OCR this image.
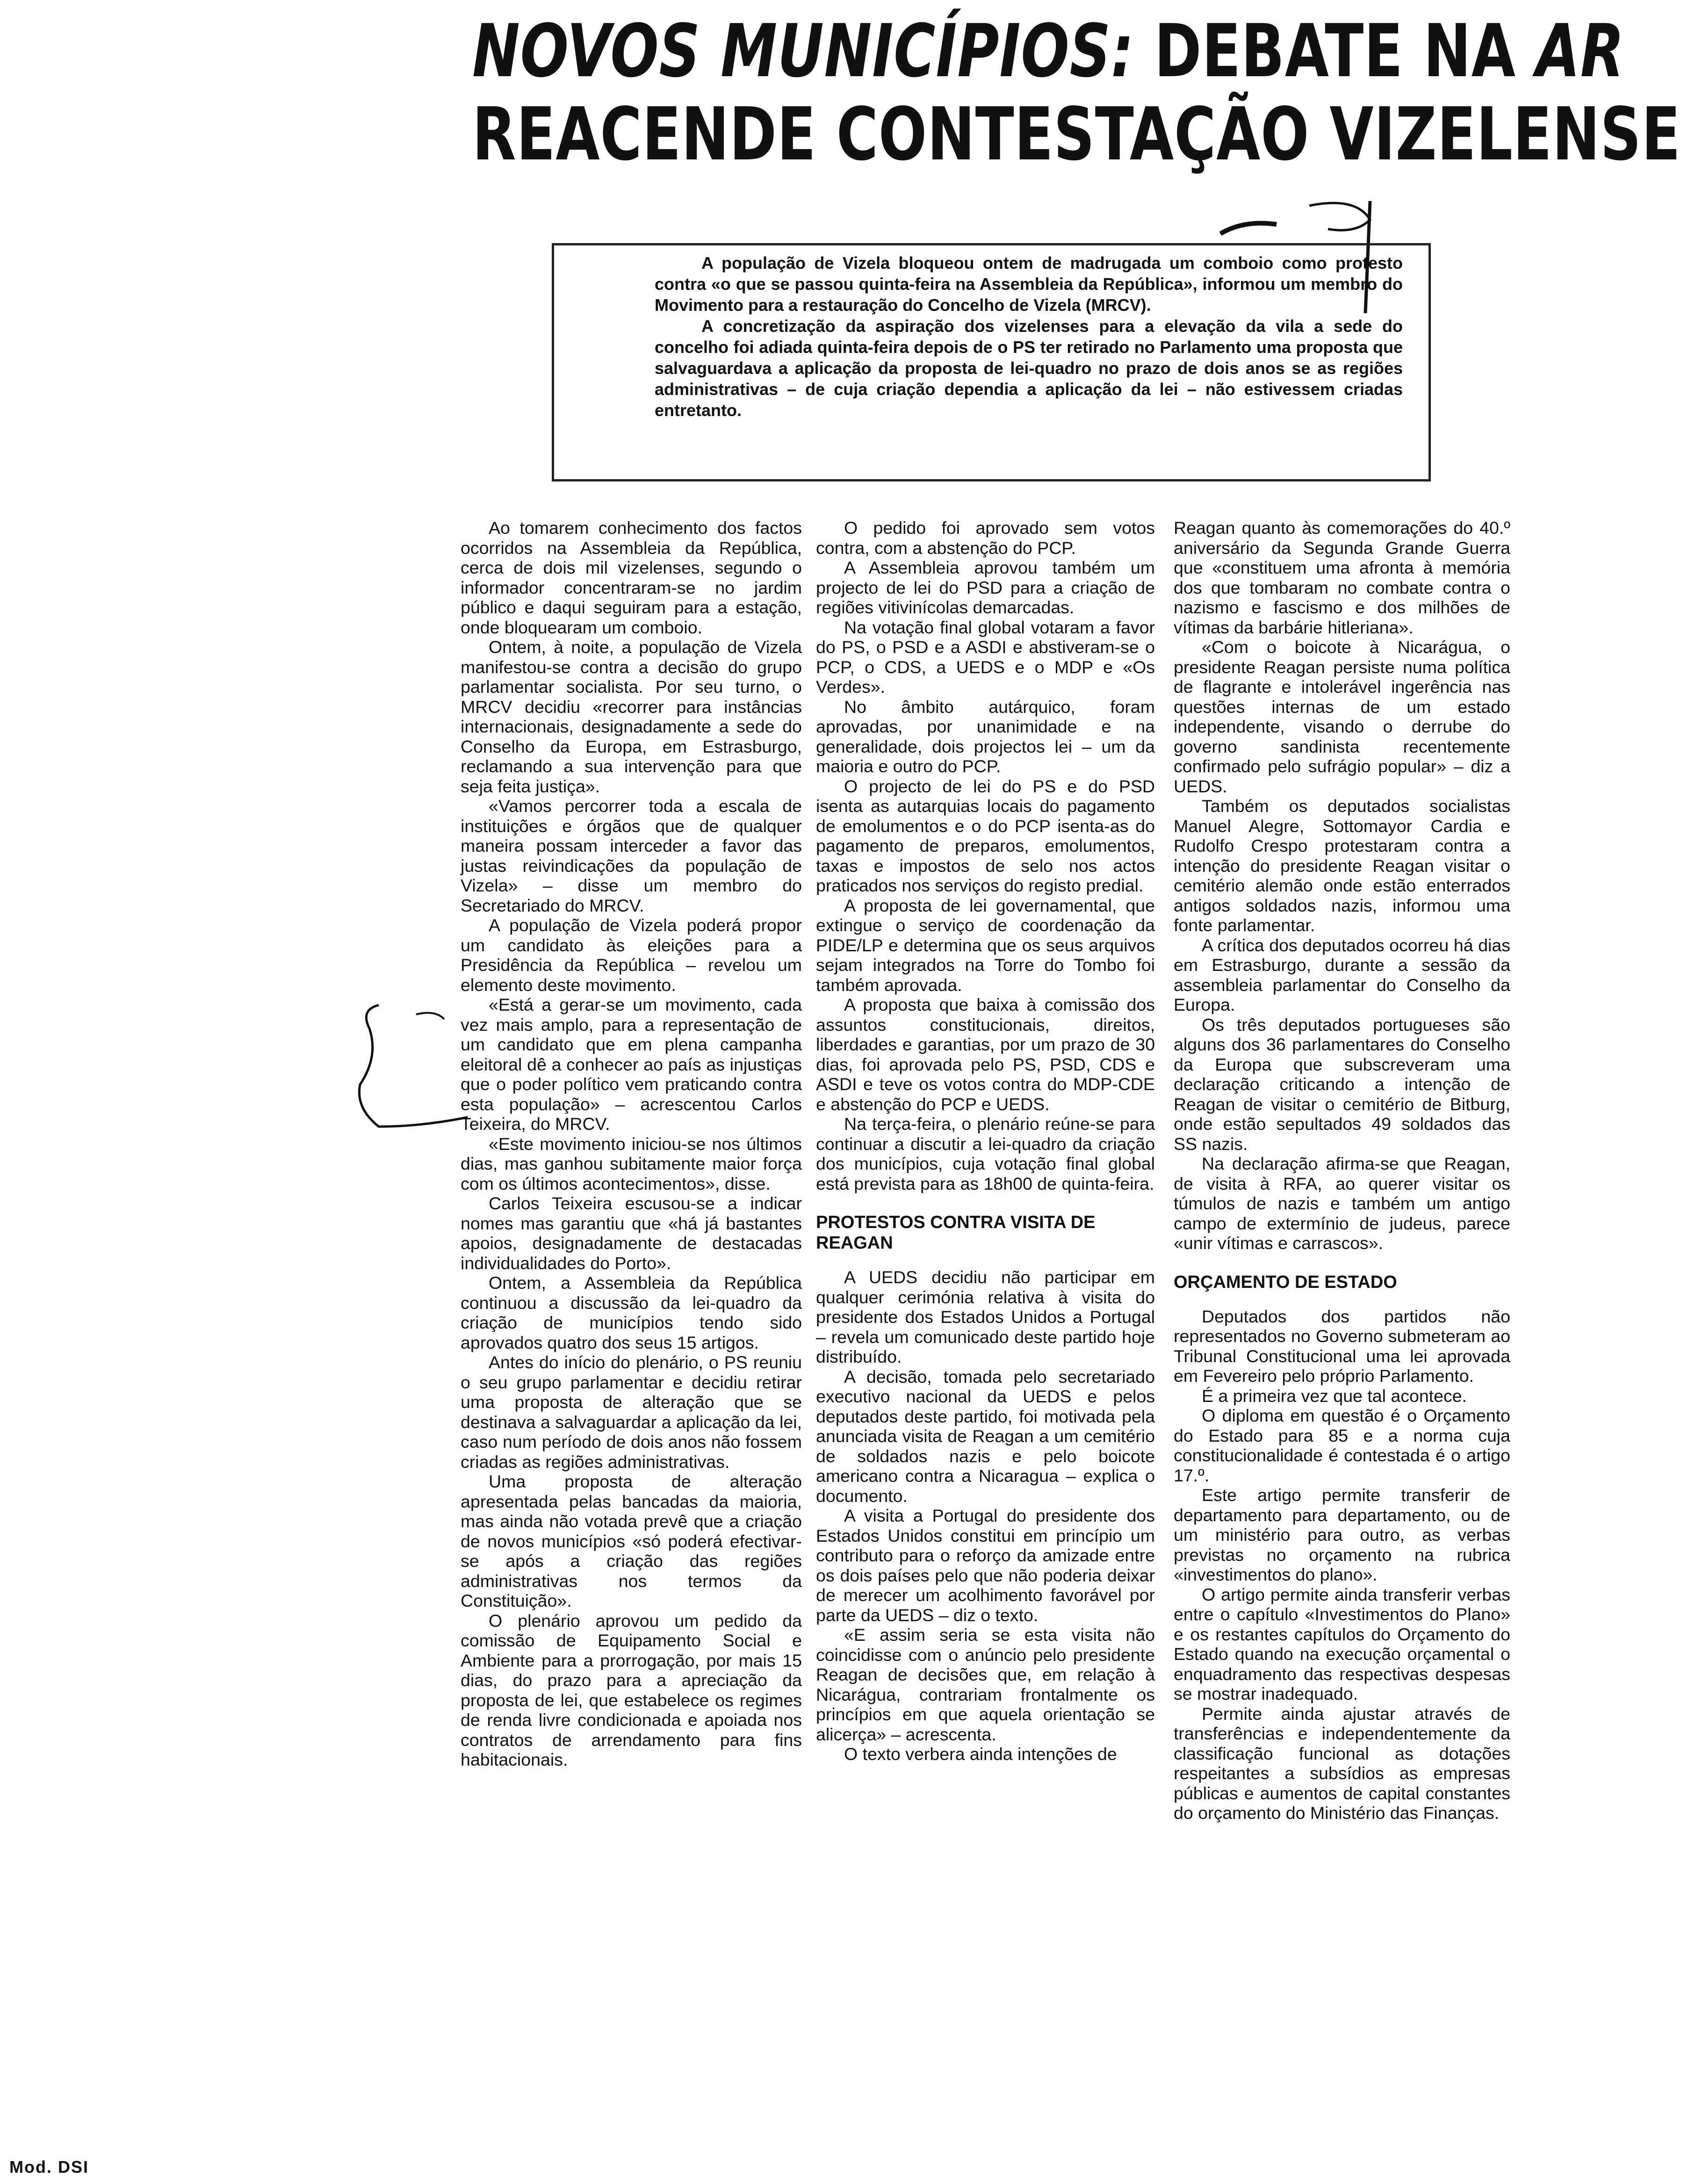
NOVOS MUNICÍPIOS: DEBATE NA AR
REACENDE CONTESTAÇÃO VIZELENSE

A população de Vizela bloqueou ontem de madrugada um comboio como protesto contra «o que se passou quinta-feira na Assembleia da República», informou um membro do Movimento para a restauração do Concelho de Vizela (MRCV).

A concretização da aspiração dos vizelenses para a elevação da vila a sede do concelho foi adiada quinta-feira depois de o PS ter retirado no Parlamento uma proposta que salvaguardava a aplicação da proposta de lei-quadro no prazo de dois anos se as regiões administrativas – de cuja criação dependia a aplicação da lei – não estivessem criadas entretanto.

Ao tomarem conhecimento dos factos ocorridos na Assembleia da República, cerca de dois mil vizelenses, segundo o informador concentraram-se no jardim público e daqui seguiram para a estação, onde bloquearam um comboio.

Ontem, à noite, a população de Vizela manifestou-se contra a decisão do grupo parlamentar socialista. Por seu turno, o MRCV decidiu «recorrer para instâncias internacionais, designadamente a sede do Conselho da Europa, em Estrasburgo, reclamando a sua intervenção para que seja feita justiça».

«Vamos percorrer toda a escala de instituições e órgãos que de qualquer maneira possam interceder a favor das justas reivindicações da população de Vizela» – disse um membro do Secretariado do MRCV.

A população de Vizela poderá propor um candidato às eleições para a Presidência da República – revelou um elemento deste movimento.

«Está a gerar-se um movimento, cada vez mais amplo, para a representação de um candidato que em plena campanha eleitoral dê a conhecer ao país as injustiças que o poder político vem praticando contra esta população» – acrescentou Carlos Teixeira, do MRCV.

«Este movimento iniciou-se nos últimos dias, mas ganhou subitamente maior força com os últimos acontecimentos», disse.

Carlos Teixeira escusou-se a indicar nomes mas garantiu que «há já bastantes apoios, designadamente de destacadas individualidades do Porto».

Ontem, a Assembleia da República continuou a discussão da lei-quadro da criação de municípios tendo sido aprovados quatro dos seus 15 artigos.

Antes do início do plenário, o PS reuniu o seu grupo parlamentar e decidiu retirar uma proposta de alteração que se destinava a salvaguardar a aplicação da lei, caso num período de dois anos não fossem criadas as regiões administrativas.

Uma proposta de alteração apresentada pelas bancadas da maioria, mas ainda não votada prevê que a criação de novos municípios «só poderá efectivar-se após a criação das regiões administrativas nos termos da Constituição».

O plenário aprovou um pedido da comissão de Equipamento Social e Ambiente para a prorrogação, por mais 15 dias, do prazo para a apreciação da proposta de lei, que estabelece os regimes de renda livre condicionada e apoiada nos contratos de arrendamento para fins habitacionais.

O pedido foi aprovado sem votos contra, com a abstenção do PCP.

A Assembleia aprovou também um projecto de lei do PSD para a criação de regiões vitivinícolas demarcadas.

Na votação final global votaram a favor do PS, o PSD e a ASDI e abstiveram-se o PCP, o CDS, a UEDS e o MDP e «Os Verdes».

No âmbito autárquico, foram aprovadas, por unanimidade e na generalidade, dois projectos lei – um da maioria e outro do PCP.

O projecto de lei do PS e do PSD isenta as autarquias locais do pagamento de emolumentos e o do PCP isenta-as do pagamento de preparos, emolumentos, taxas e impostos de selo nos actos praticados nos serviços do registo predial.

A proposta de lei governamental, que extingue o serviço de coordenação da PIDE/LP e determina que os seus arquivos sejam integrados na Torre do Tombo foi também aprovada.

A proposta que baixa à comissão dos assuntos constitucionais, direitos, liberdades e garantias, por um prazo de 30 dias, foi aprovada pelo PS, PSD, CDS e ASDI e teve os votos contra do MDP-CDE e abstenção do PCP e UEDS.

Na terça-feira, o plenário reúne-se para continuar a discutir a lei-quadro da criação dos municípios, cuja votação final global está prevista para as 18h00 de quinta-feira.

PROTESTOS CONTRA VISITA DE REAGAN

A UEDS decidiu não participar em qualquer cerimónia relativa à visita do presidente dos Estados Unidos a Portugal – revela um comunicado deste partido hoje distribuído.

A decisão, tomada pelo secretariado executivo nacional da UEDS e pelos deputados deste partido, foi motivada pela anunciada visita de Reagan a um cemitério de soldados nazis e pelo boicote americano contra a Nicaragua – explica o documento.

A visita a Portugal do presidente dos Estados Unidos constitui em princípio um contributo para o reforço da amizade entre os dois países pelo que não poderia deixar de merecer um acolhimento favorável por parte da UEDS – diz o texto.

«E assim seria se esta visita não coincidisse com o anúncio pelo presidente Reagan de decisões que, em relação à Nicarágua, contrariam frontalmente os princípios em que aquela orientação se alicerça» – acrescenta.

O texto verbera ainda intenções de

Reagan quanto às comemorações do 40.º aniversário da Segunda Grande Guerra que «constituem uma afronta à memória dos que tombaram no combate contra o nazismo e fascismo e dos milhões de vítimas da barbárie hitleriana».

«Com o boicote à Nicarágua, o presidente Reagan persiste numa política de flagrante e intolerável ingerência nas questões internas de um estado independente, visando o derrube do governo sandinista recentemente confirmado pelo sufrágio popular» – diz a UEDS.

Também os deputados socialistas Manuel Alegre, Sottomayor Cardia e Rudolfo Crespo protestaram contra a intenção do presidente Reagan visitar o cemitério alemão onde estão enterrados antigos soldados nazis, informou uma fonte parlamentar.

A crítica dos deputados ocorreu há dias em Estrasburgo, durante a sessão da assembleia parlamentar do Conselho da Europa.

Os três deputados portugueses são alguns dos 36 parlamentares do Conselho da Europa que subscreveram uma declaração criticando a intenção de Reagan de visitar o cemitério de Bitburg, onde estão sepultados 49 soldados das SS nazis.

Na declaração afirma-se que Reagan, de visita à RFA, ao querer visitar os túmulos de nazis e também um antigo campo de extermínio de judeus, parece «unir vítimas e carrascos».

ORÇAMENTO DE ESTADO

Deputados dos partidos não representados no Governo submeteram ao Tribunal Constitucional uma lei aprovada em Fevereiro pelo próprio Parlamento.

É a primeira vez que tal acontece.

O diploma em questão é o Orçamento do Estado para 85 e a norma cuja constitucionalidade é contestada é o artigo 17.º.

Este artigo permite transferir de departamento para departamento, ou de um ministério para outro, as verbas previstas no orçamento na rubrica «investimentos do plano».

O artigo permite ainda transferir verbas entre o capítulo «Investimentos do Plano» e os restantes capítulos do Orçamento do Estado quando na execução orçamental o enquadramento das respectivas despesas se mostrar inadequado.

Permite ainda ajustar através de transferências e independentemente da classificação funcional as dotações respeitantes a subsídios as empresas públicas e aumentos de capital constantes do orçamento do Ministério das Finanças.

Mod. DSI
